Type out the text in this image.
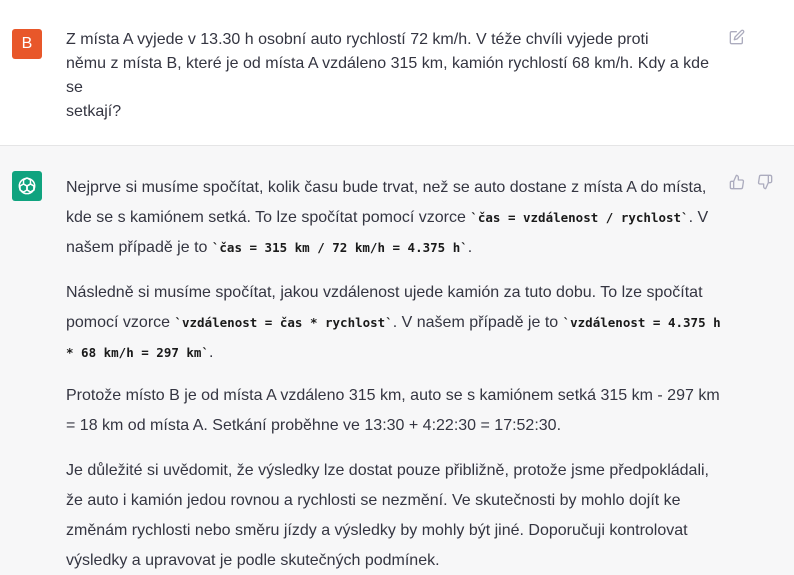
B	Z místa A vyjede v 13.30 h osobní auto rychlostí 72 km/h. V téže chvíli vyjede proti
němu z místa B, které je od místa A vzdáleno 315 km, kamión rychlostí 68 km/h. Kdy a kde
se
setkají?

Nejprve si musíme spočítat, kolik času bude trvat, než se auto dostane z místa A do místa, kde se s kamiónem setká. To lze spočítat pomocí vzorce `čas = vzdálenost / rychlost`. V našem případě je to `čas = 315 km / 72 km/h = 4.375 h`.

Následně si musíme spočítat, jakou vzdálenost ujede kamión za tuto dobu. To lze spočítat pomocí vzorce `vzdálenost = čas * rychlost`. V našem případě je to `vzdálenost = 4.375 h * 68 km/h = 297 km`.

Protože místo B je od místa A vzdáleno 315 km, auto se s kamiónem setká 315 km - 297 km = 18 km od místa A. Setkání proběhne ve 13:30 + 4:22:30 = 17:52:30.

Je důležité si uvědomit, že výsledky lze dostat pouze přibližně, protože jsme předpokládali, že auto i kamión jedou rovnou a rychlosti se nezmění. Ve skutečnosti by mohlo dojít ke změnám rychlosti nebo směru jízdy a výsledky by mohly být jiné. Doporučuji kontrolovat výsledky a upravovat je podle skutečných podmínek.
